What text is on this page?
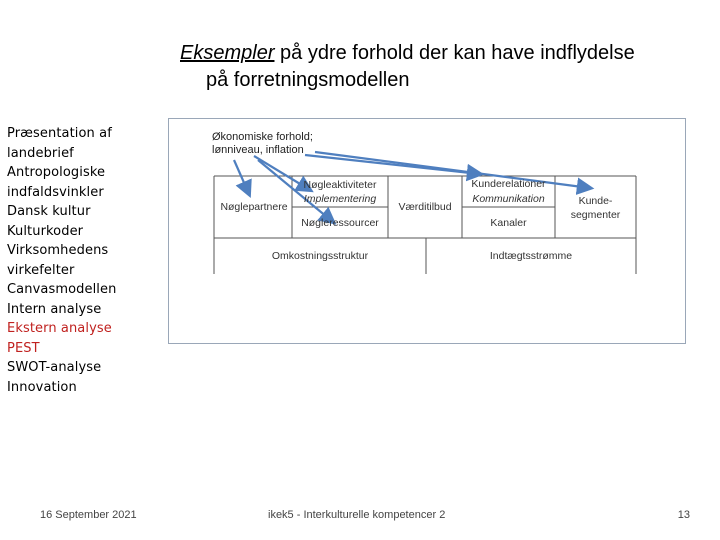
Eksempler på ydre forhold der kan have indflydelse
på forretningsmodellen
Præsentation af
landebrief
Antropologiske
indfaldsvinkler
Dansk kultur
Kulturkoder
Virksomhedens
virkefelter
Canvasmodellen
Intern analyse
Ekstern analyse
PEST
SWOT-analyse
Innovation
Økonomiske forhold;
lønniveau, inflation
Nøglepartnere
Nøgleaktiviteter
Implementering
Nøgleressourcer
Værditilbud
Kunderelationer
Kommunikation
Kanaler
Kunde-
segmenter
Omkostningsstruktur	Indtægtsstrømme
16 September 2021	ikek5 - Interkulturelle kompetencer 2	13
